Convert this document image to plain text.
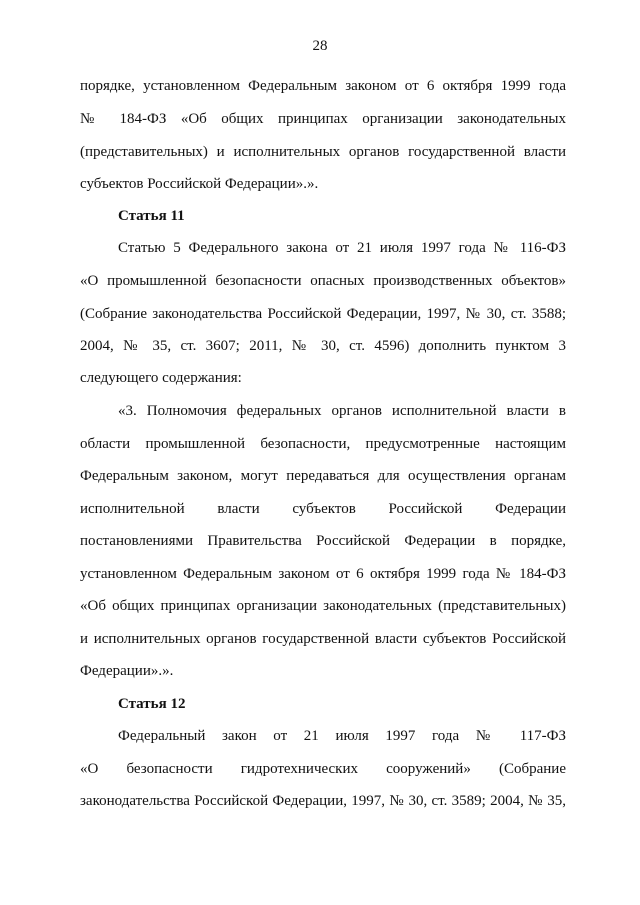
28
порядке, установленном Федеральным законом от 6 октября 1999 года
№ 184-ФЗ «Об общих принципах организации законодательных
(представительных) и исполнительных органов государственной власти
субъектов Российской Федерации».».
Статья 11
Статью 5 Федерального закона от 21 июля 1997 года № 116-ФЗ
«О промышленной безопасности опасных производственных объектов»
(Собрание законодательства Российской Федерации, 1997, № 30, ст. 3588;
2004, № 35, ст. 3607; 2011, № 30, ст. 4596) дополнить пунктом 3
следующего содержания:
«3. Полномочия федеральных органов исполнительной власти в
области промышленной безопасности, предусмотренные настоящим
Федеральным законом, могут передаваться для осуществления органам
исполнительной власти субъектов Российской Федерации
постановлениями Правительства Российской Федерации в порядке,
установленном Федеральным законом от 6 октября 1999 года № 184-ФЗ
«Об общих принципах организации законодательных (представительных)
и исполнительных органов государственной власти субъектов Российской
Федерации».».
Статья 12
Федеральный закон от 21 июля 1997 года № 117-ФЗ
«О безопасности гидротехнических сооружений» (Собрание
законодательства Российской Федерации, 1997, № 30, ст. 3589; 2004, № 35,
